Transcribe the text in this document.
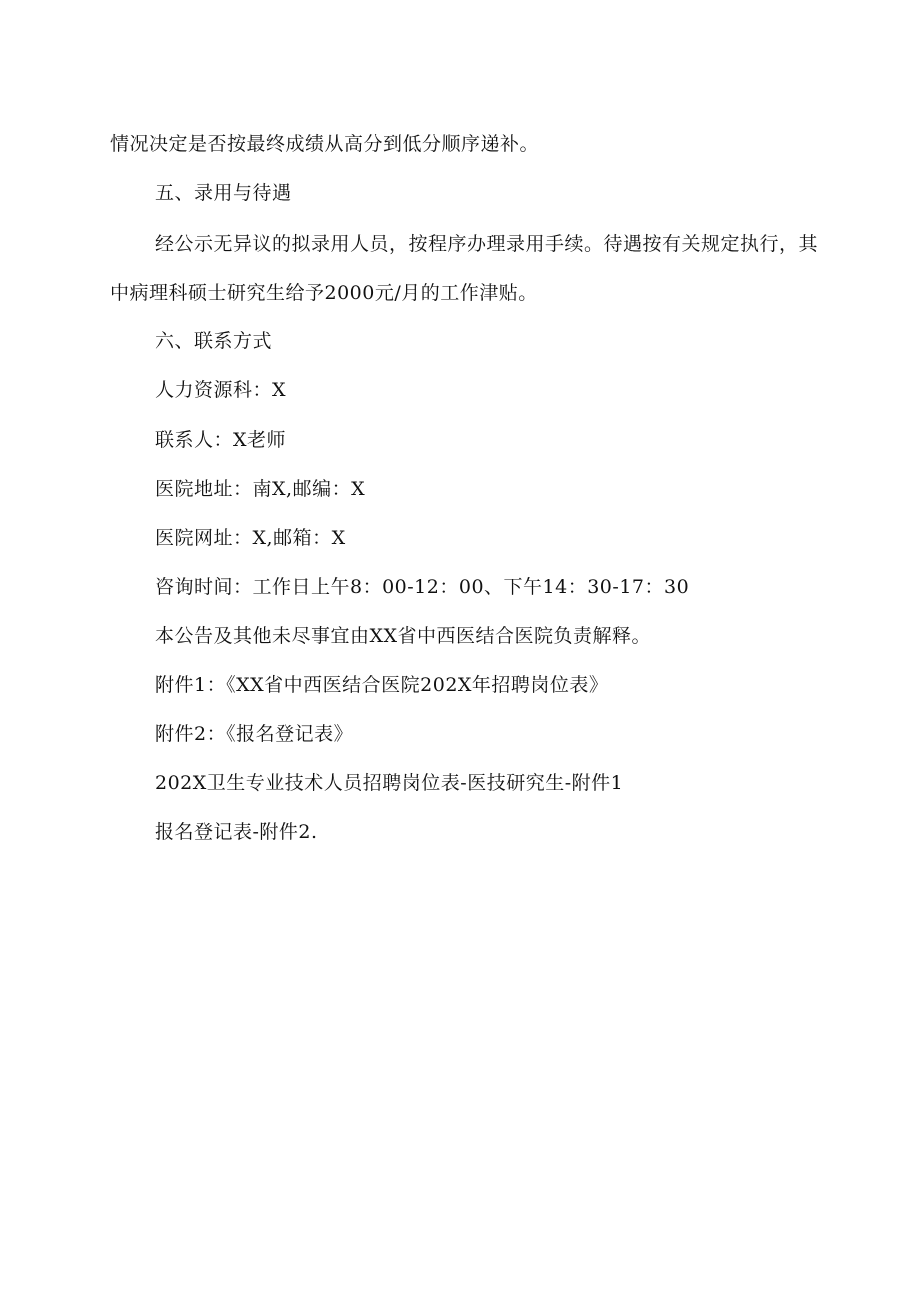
情况决定是否按最终成绩从高分到低分顺序递补。
五、录用与待遇
经公示无异议的拟录用人员，按程序办理录用手续。待遇按有关规定执行，其
中病理科硕士研究生给予2000元/月的工作津贴。
六、联系方式
人力资源科：X
联系人：X老师
医院地址：南X,邮编：X
医院网址：X,邮箱：X
咨询时间：工作日上午8：00-12：00、下午14：30-17：30
本公告及其他未尽事宜由XX省中西医结合医院负责解释。
附件1：《XX省中西医结合医院202X年招聘岗位表》
附件2：《报名登记表》
202X卫生专业技术人员招聘岗位表-医技研究生-附件1
报名登记表-附件2.
